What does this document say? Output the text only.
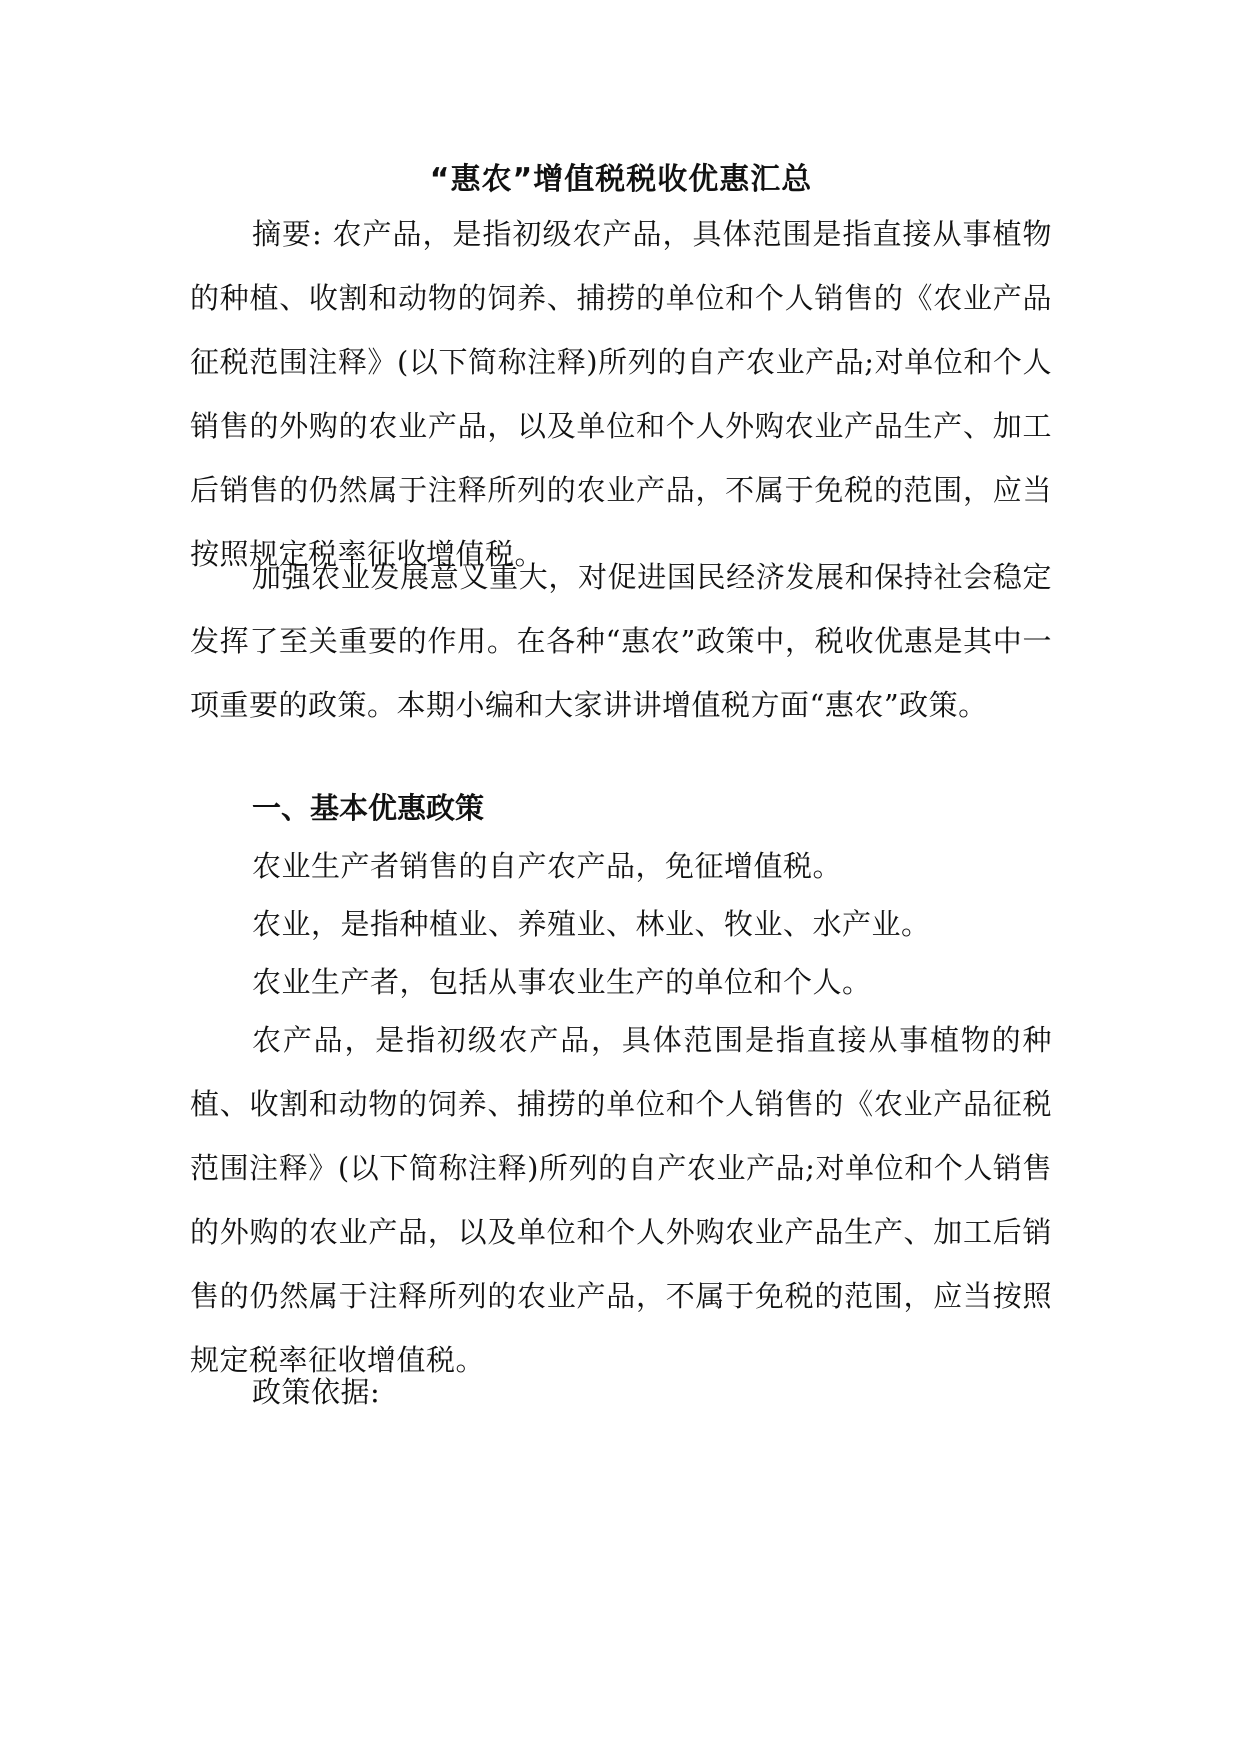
“惠农”增值税税收优惠汇总

摘要: 农产品，是指初级农产品，具体范围是指直接从事植物的种植、收割和动物的饲养、捕捞的单位和个人销售的《农业产品征税范围注释》(以下简称注释)所列的自产农业产品;对单位和个人销售的外购的农业产品，以及单位和个人外购农业产品生产、加工后销售的仍然属于注释所列的农业产品，不属于免税的范围，应当按照规定税率征收增值税。

加强农业发展意义重大，对促进国民经济发展和保持社会稳定发挥了至关重要的作用。在各种“惠农”政策中，税收优惠是其中一项重要的政策。本期小编和大家讲讲增值税方面“惠农”政策。

一、基本优惠政策

农业生产者销售的自产农产品，免征增值税。

农业，是指种植业、养殖业、林业、牧业、水产业。

农业生产者，包括从事农业生产的单位和个人。

农产品，是指初级农产品，具体范围是指直接从事植物的种植、收割和动物的饲养、捕捞的单位和个人销售的《农业产品征税范围注释》(以下简称注释)所列的自产农业产品;对单位和个人销售的外购的农业产品，以及单位和个人外购农业产品生产、加工后销售的仍然属于注释所列的农业产品，不属于免税的范围，应当按照规定税率征收增值税。

政策依据:
